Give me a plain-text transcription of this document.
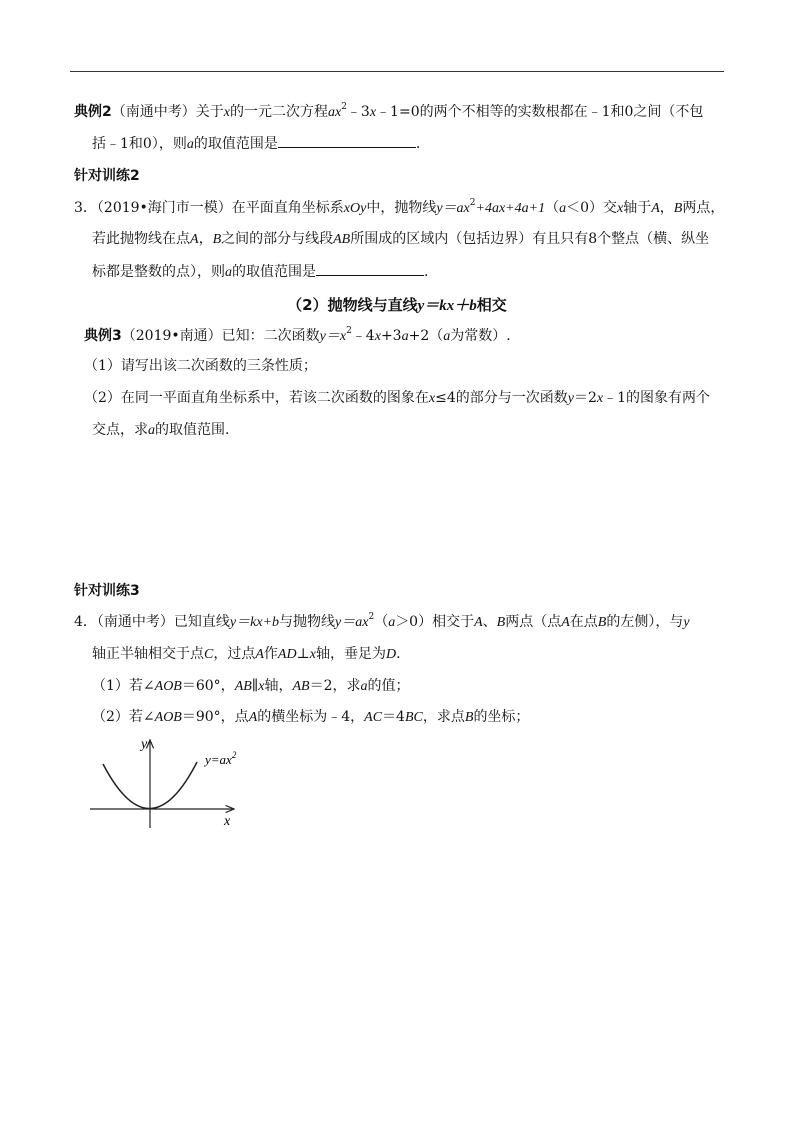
典例2（南通中考）关于x的一元二次方程$ax^2﹣3x﹣1=0$的两个不相等的实数根都在﹣1和0之间（不包
括﹣1和0），则a的取值范围是	.
针对训练2
3．（2019•海门市一模）在平面直角坐标系xOy中，抛物线$y=ax^2+4ax+4a+1(a<0)$交x轴于A，B两点，
若此抛物线在点A，B之间的部分与线段AB所围成的区域内（包括边界）有且只有8个整点（横、纵坐
标都是整数的点），则a的取值范围是	.
（2）抛物线与直线y＝kx＋b相交
典例3（2019•南通）已知：二次函数$y=x^2﹣4x+3a+2(a$为常数）.
（1）请写出该二次函数的三条性质；
（2）在同一平面直角坐标系中，若该二次函数的图象在x≤4的部分与一次函数y＝2x﹣1的图象有两个
交点，求a的取值范围.
针对训练3
4．（南通中考）已知直线y＝kx+b与抛物线$y=ax^2(a>0)$相交于A、B两点（点A在点B的左侧），与y
轴正半轴相交于点C，过点A作AD⊥x轴，垂足为D.
（1）若∠AOB＝60°，AB∥x轴，AB＝2，求a的值；
（2）若∠AOB＝90°，点A的横坐标为﹣4，AC＝4BC，求点B的坐标；
y
x
$y=ax^2$
